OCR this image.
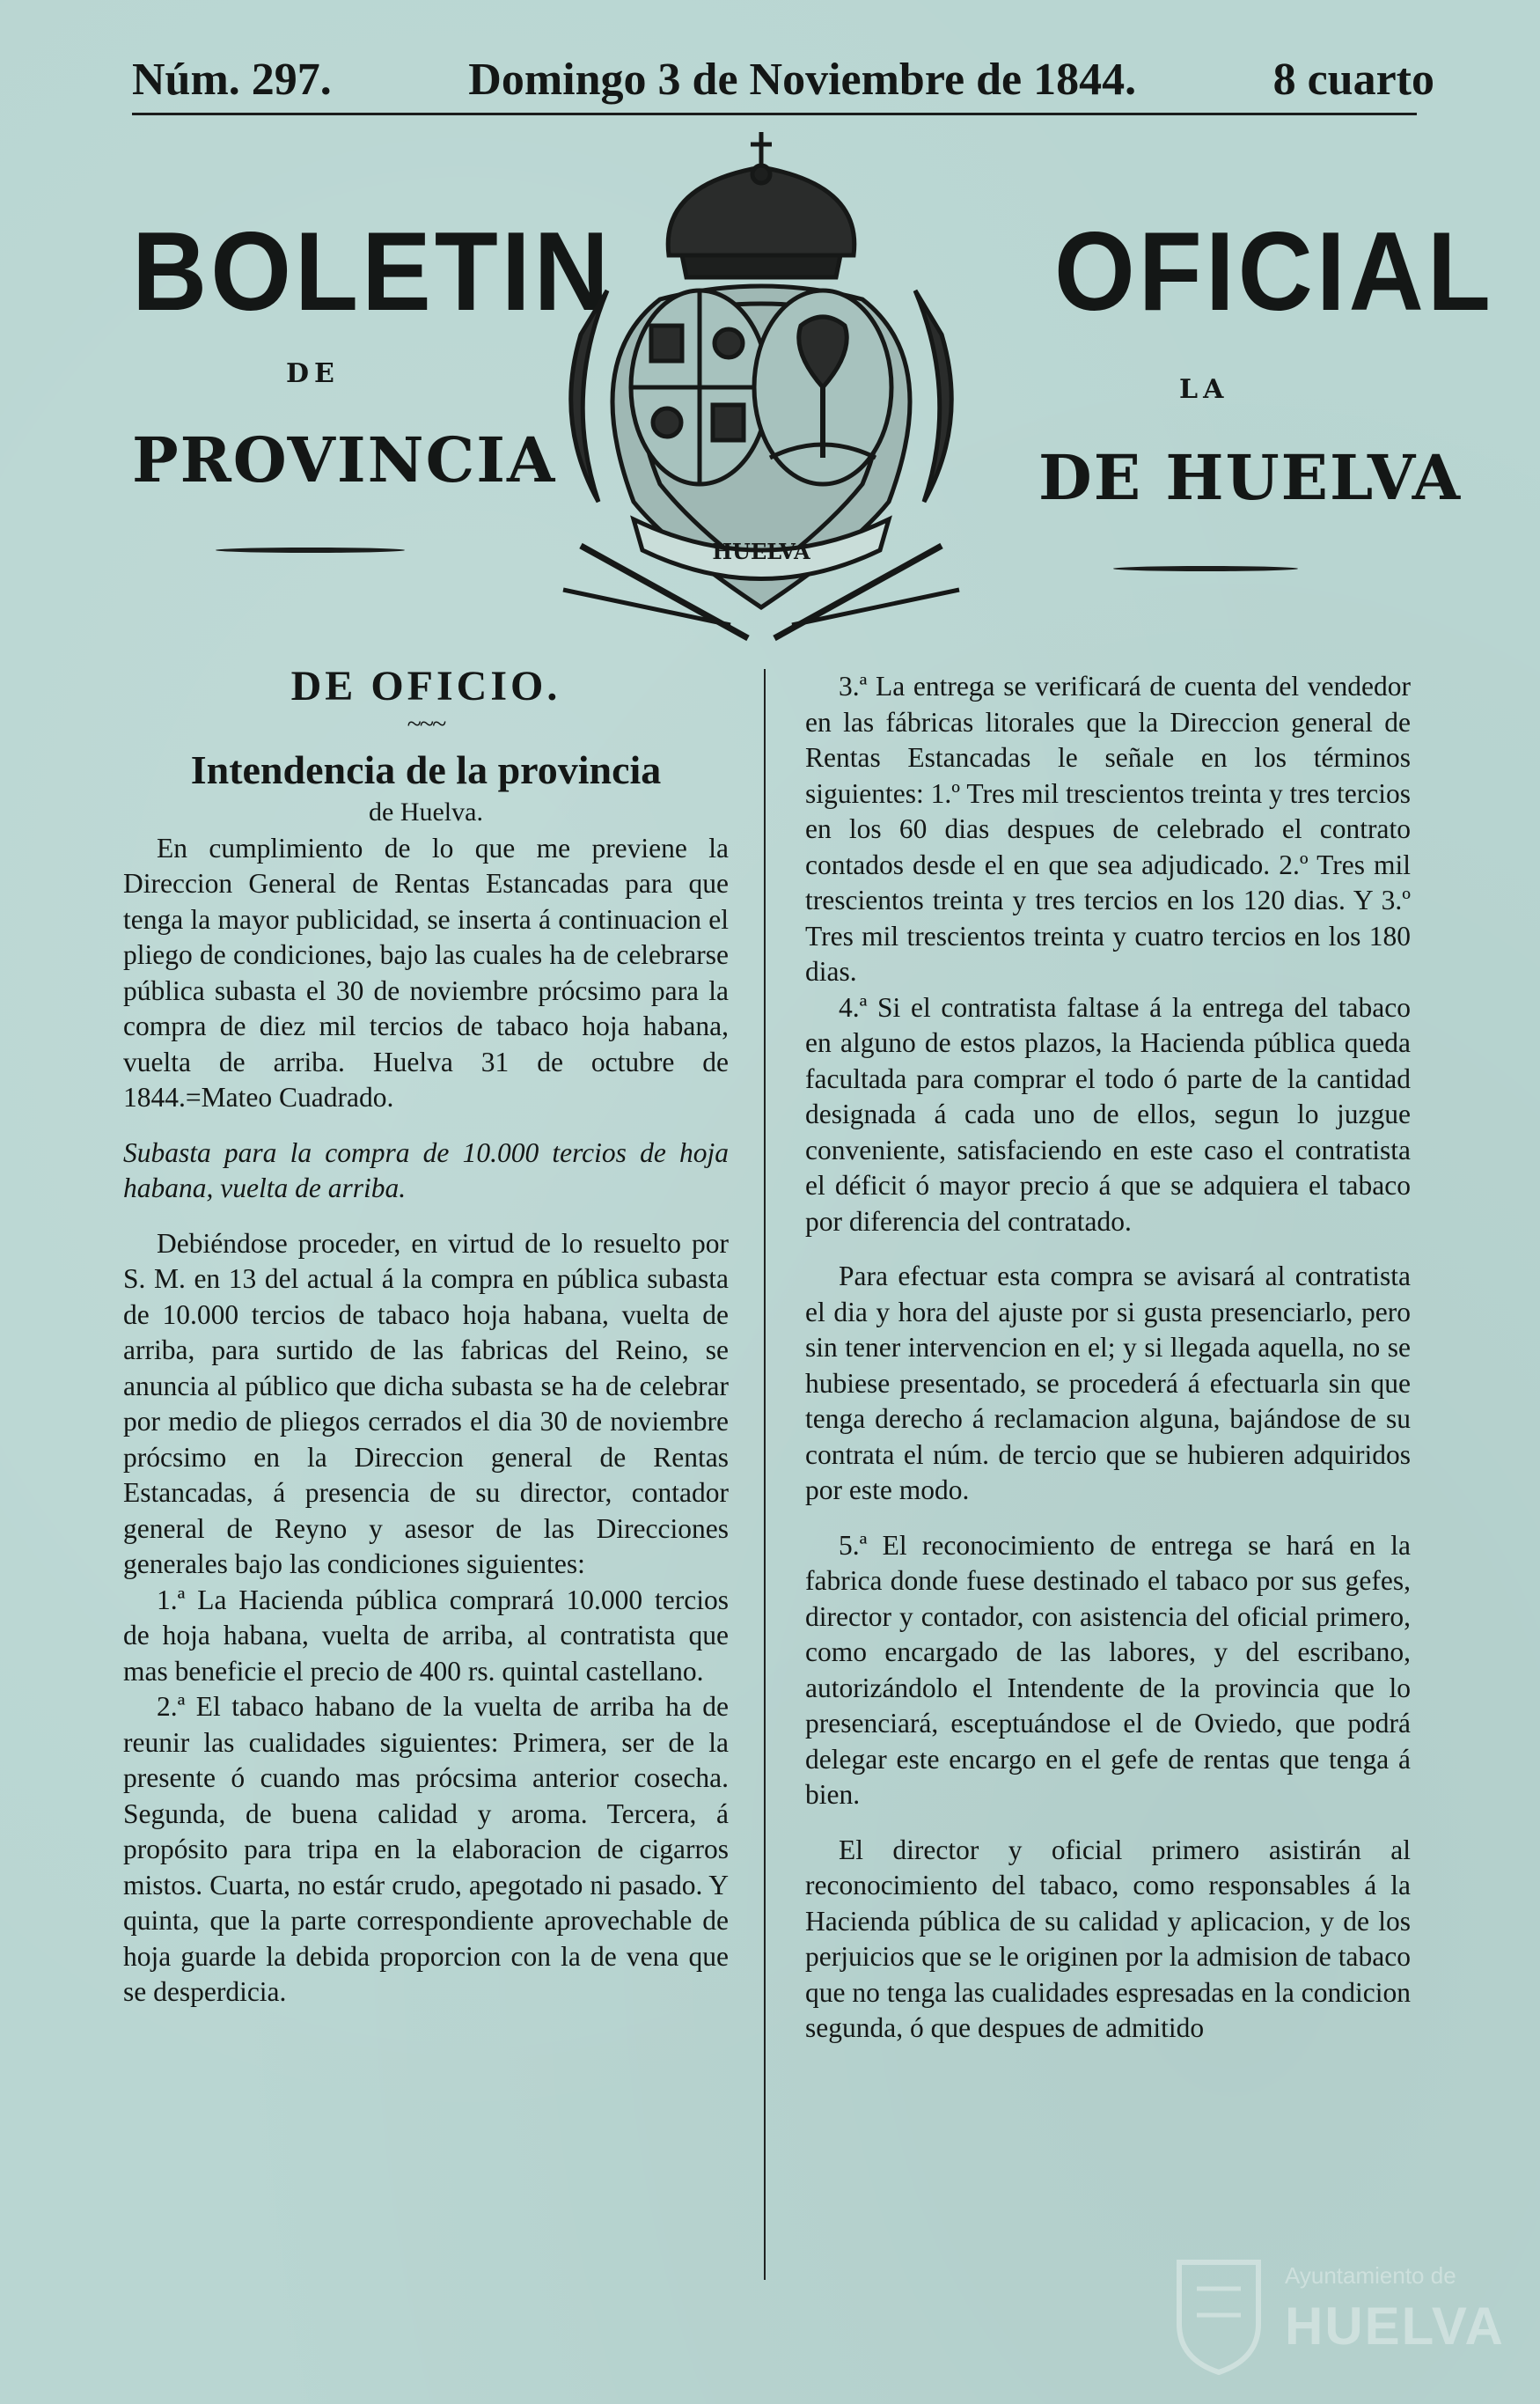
Núm. 297.	Domingo 3 de Noviembre de 1844.	8 cuarto
BOLETIN	OFICIAL
DE
LA
PROVINCIA	DE HUELVA
HUELVA
DE OFICIO.
~~~
Intendencia de la provincia

de Huelva.

En cumplimiento de lo que me previene la Direccion General de Rentas Estancadas para que tenga la mayor publicidad, se inserta á continuacion el pliego de condiciones, bajo las cuales ha de celebrarse pública subasta el 30 de noviembre prócsimo para la compra de diez mil tercios de tabaco hoja habana, vuelta de arriba. Huelva 31 de octubre de 1844.=Mateo Cuadrado.

Subasta para la compra de 10.000 tercios de hoja habana, vuelta de arriba.

Debiéndose proceder, en virtud de lo resuelto por S. M. en 13 del actual á la compra en pública subasta de 10.000 tercios de tabaco hoja habana, vuelta de arriba, para surtido de las fabricas del Reino, se anuncia al público que dicha subasta se ha de celebrar por medio de pliegos cerrados el dia 30 de noviembre prócsimo en la Direccion general de Rentas Estancadas, á presencia de su director, contador general de Reyno y asesor de las Direcciones generales bajo las condiciones siguientes:

1.ª La Hacienda pública comprará 10.000 tercios de hoja habana, vuelta de arriba, al contratista que mas beneficie el precio de 400 rs. quintal castellano.

2.ª El tabaco habano de la vuelta de arriba ha de reunir las cualidades siguientes: Primera, ser de la presente ó cuando mas prócsima anterior cosecha. Segunda, de buena calidad y aroma. Tercera, á propósito para tripa en la elaboracion de cigarros mistos. Cuarta, no estár crudo, apegotado ni pasado. Y quinta, que la parte correspondiente aprovechable de hoja guarde la debida proporcion con la de vena que se desperdicia.

3.ª La entrega se verificará de cuenta del vendedor en las fábricas litorales que la Direccion general de Rentas Estancadas le señale en los términos siguientes: 1.º Tres mil trescientos treinta y tres tercios en los 60 dias despues de celebrado el contrato contados desde el en que sea adjudicado. 2.º Tres mil trescientos treinta y tres tercios en los 120 dias. Y 3.º Tres mil trescientos treinta y cuatro tercios en los 180 dias.

4.ª Si el contratista faltase á la entrega del tabaco en alguno de estos plazos, la Hacienda pública queda facultada para comprar el todo ó parte de la cantidad designada á cada uno de ellos, segun lo juzgue conveniente, satisfaciendo en este caso el contratista el déficit ó mayor precio á que se adquiera el tabaco por diferencia del contratado.

Para efectuar esta compra se avisará al contratista el dia y hora del ajuste por si gusta presenciarlo, pero sin tener intervencion en el; y si llegada aquella, no se hubiese presentado, se procederá á efectuarla sin que tenga derecho á reclamacion alguna, bajándose de su contrata el núm. de tercio que se hubieren adquiridos por este modo.

5.ª El reconocimiento de entrega se hará en la fabrica donde fuese destinado el tabaco por sus gefes, director y contador, con asistencia del oficial primero, como encargado de las labores, y del escribano, autorizándolo el Intendente de la provincia que lo presenciará, esceptuándose el de Oviedo, que podrá delegar este encargo en el gefe de rentas que tenga á bien.

El director y oficial primero asistirán al reconocimiento del tabaco, como responsables á la Hacienda pública de su calidad y aplicacion, y de los perjuicios que se le originen por la admision de tabaco que no tenga las cualidades espresadas en la condicion segunda, ó que despues de admitido

Ayuntamiento de
HUELVA
